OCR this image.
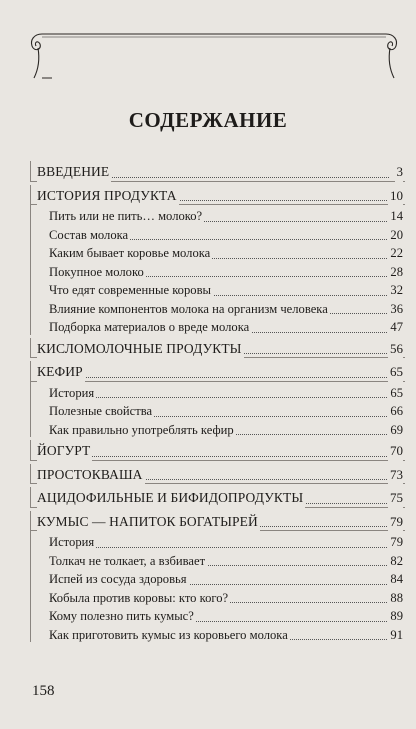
СОДЕРЖАНИЕ
ВВЕДЕНИЕ	3
ИСТОРИЯ ПРОДУКТА	10
Пить или не пить… молоко?	14
Состав молока	20
Каким бывает коровье молока	22
Покупное молоко	28
Что едят современные коровы	32
Влияние компонентов молока на организм человека	36
Подборка материалов о вреде молока	47
КИСЛОМОЛОЧНЫЕ ПРОДУКТЫ	56
КЕФИР	65
История	65
Полезные свойства	66
Как правильно употреблять кефир	69
ЙОГУРТ	70
ПРОСТОКВАША	73
АЦИДОФИЛЬНЫЕ И БИФИДОПРОДУКТЫ	75
КУМЫС — НАПИТОК БОГАТЫРЕЙ	79
История	79
Толкач не толкает, а взбивает	82
Испей из сосуда здоровья	84
Кобыла против коровы: кто кого?	88
Кому полезно пить кумыс?	89
Как приготовить кумыс из коровьего молока	91
158
